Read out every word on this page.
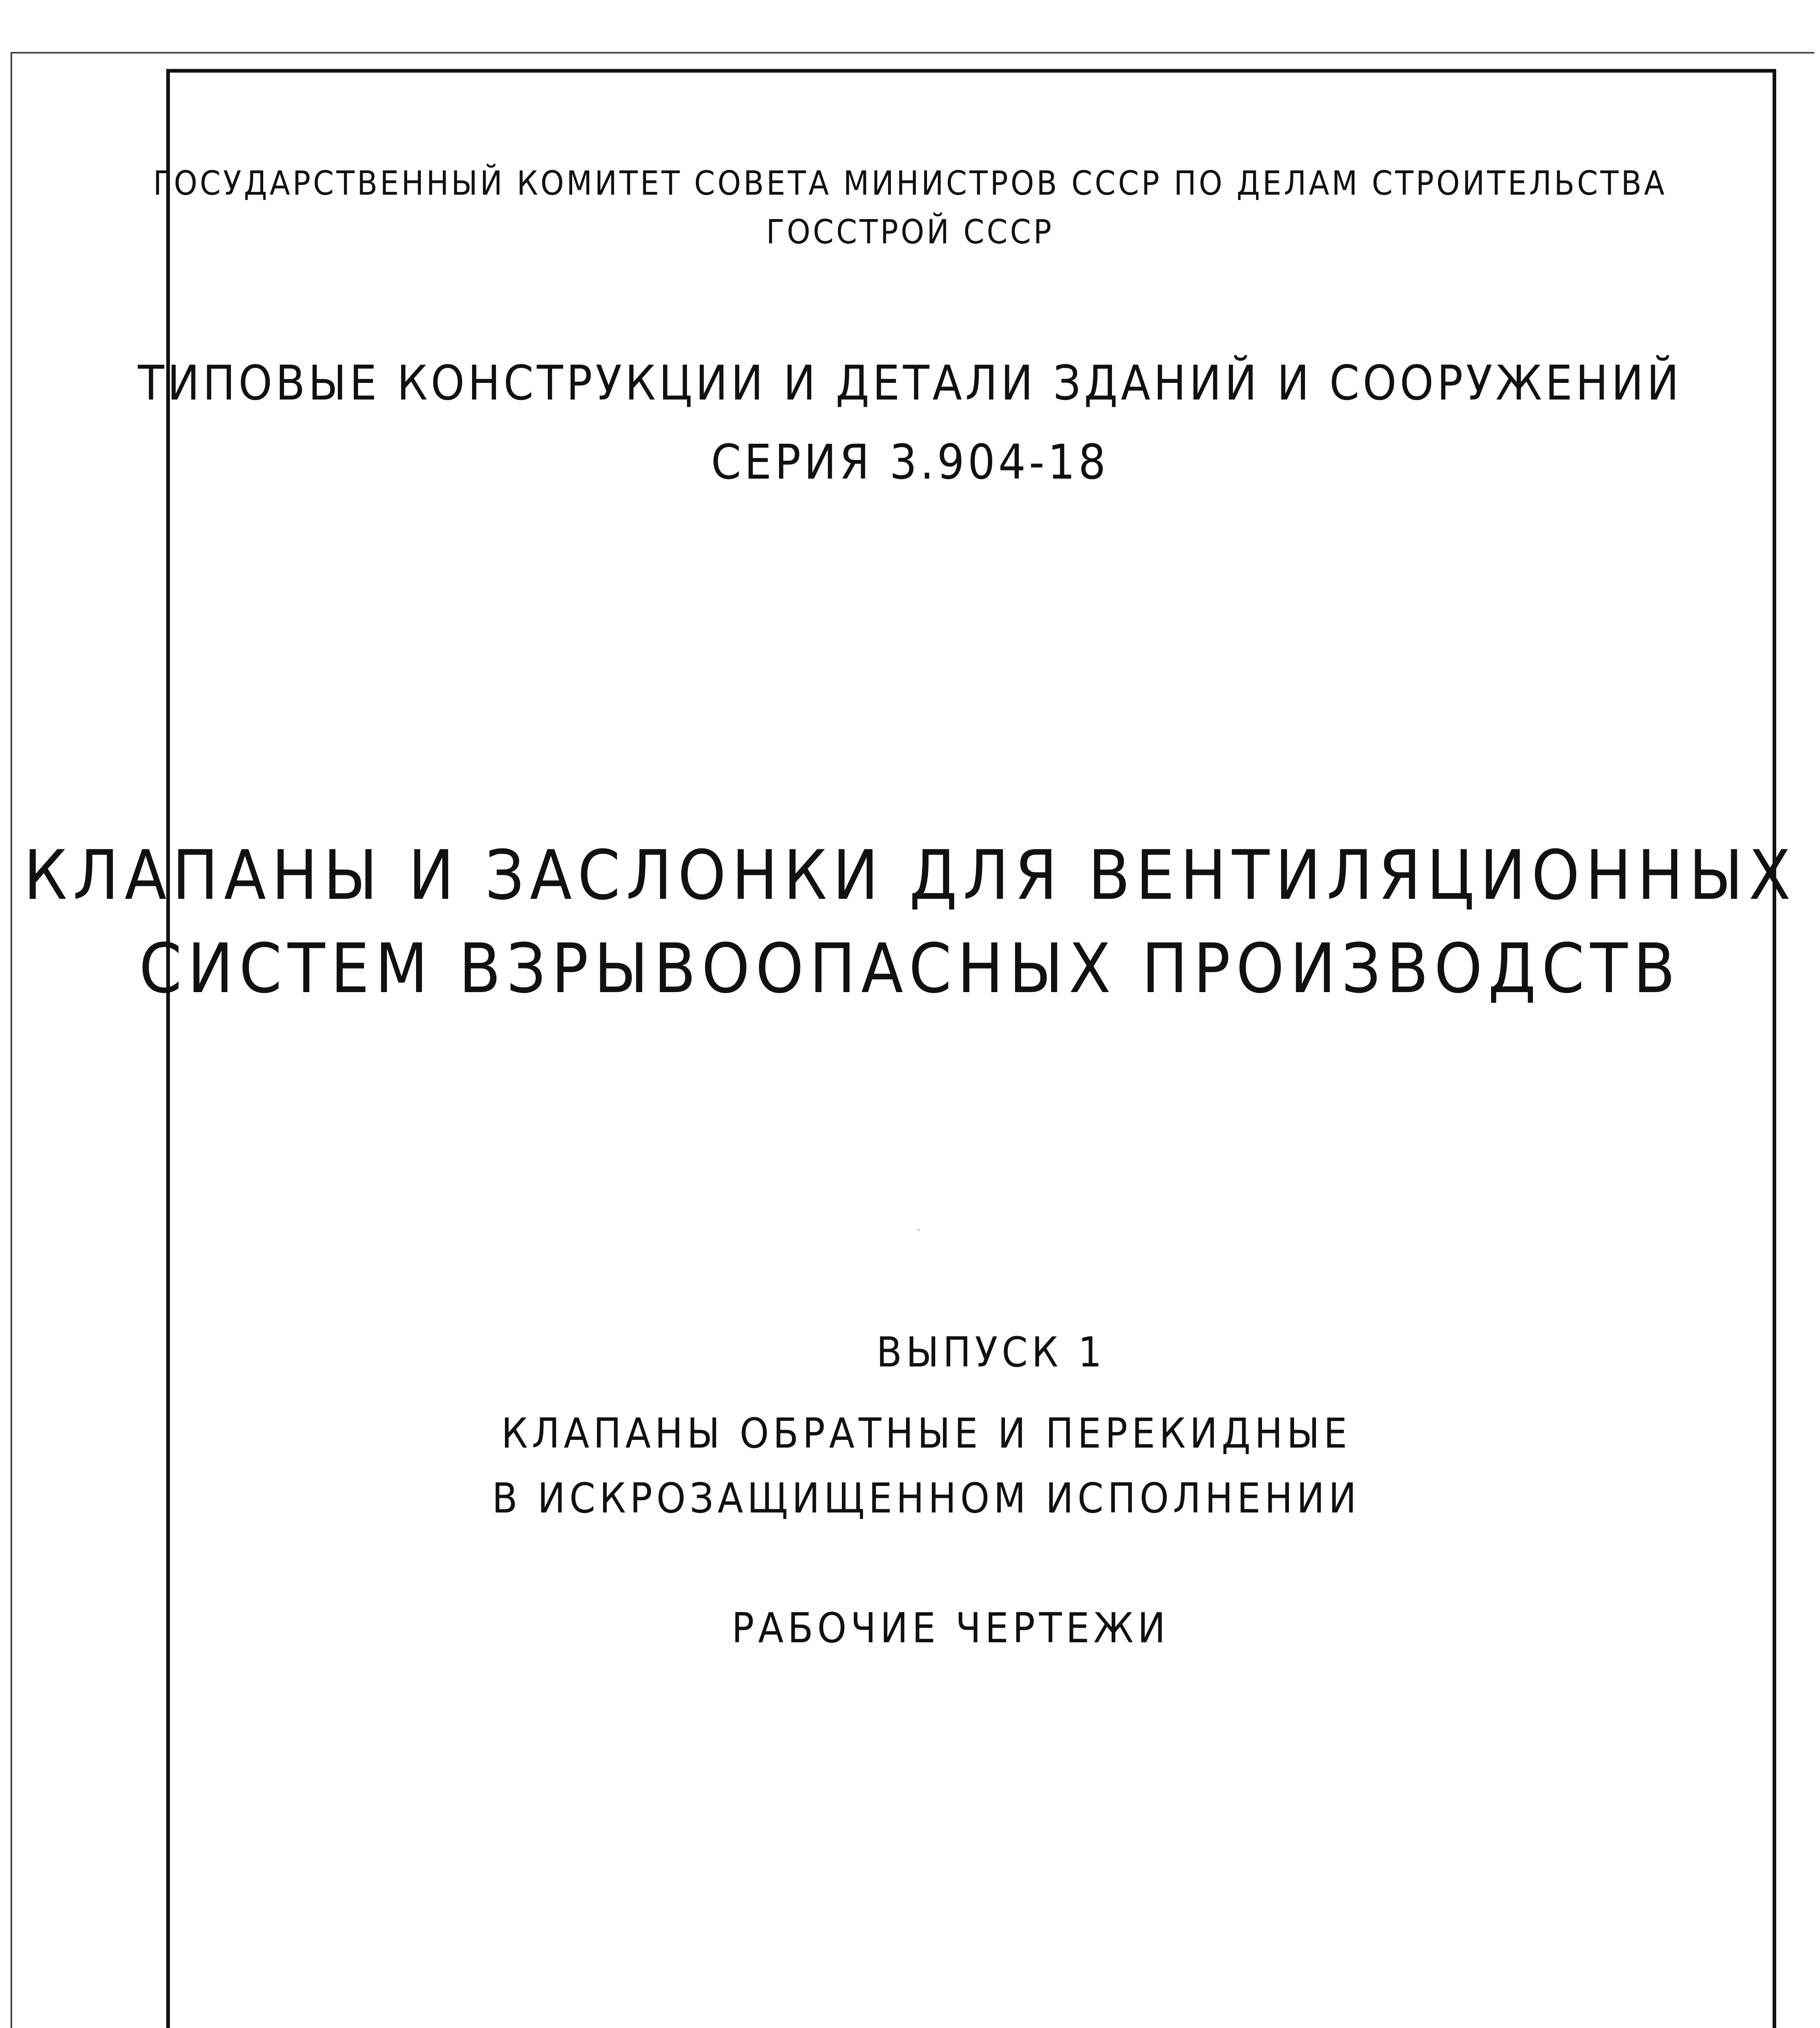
ГОСУДАРСТВЕННЫЙ КОМИТЕТ СОВЕТА МИНИСТРОВ СССР ПО ДЕЛАМ СТРОИТЕЛЬСТВА
ГОССТРОЙ СССР
ТИПОВЫЕ КОНСТРУКЦИИ И ДЕТАЛИ ЗДАНИЙ И СООРУЖЕНИЙ
СЕРИЯ 3.904-18
КЛАПАНЫ И ЗАСЛОНКИ ДЛЯ ВЕНТИЛЯЦИОННЫХ
СИСТЕМ ВЗРЫВООПАСНЫХ ПРОИЗВОДСТВ
ВЫПУСК 1
КЛАПАНЫ ОБРАТНЫЕ И ПЕРЕКИДНЫЕ
В ИСКРОЗАЩИЩЕННОМ ИСПОЛНЕНИИ
РАБОЧИЕ ЧЕРТЕЖИ
